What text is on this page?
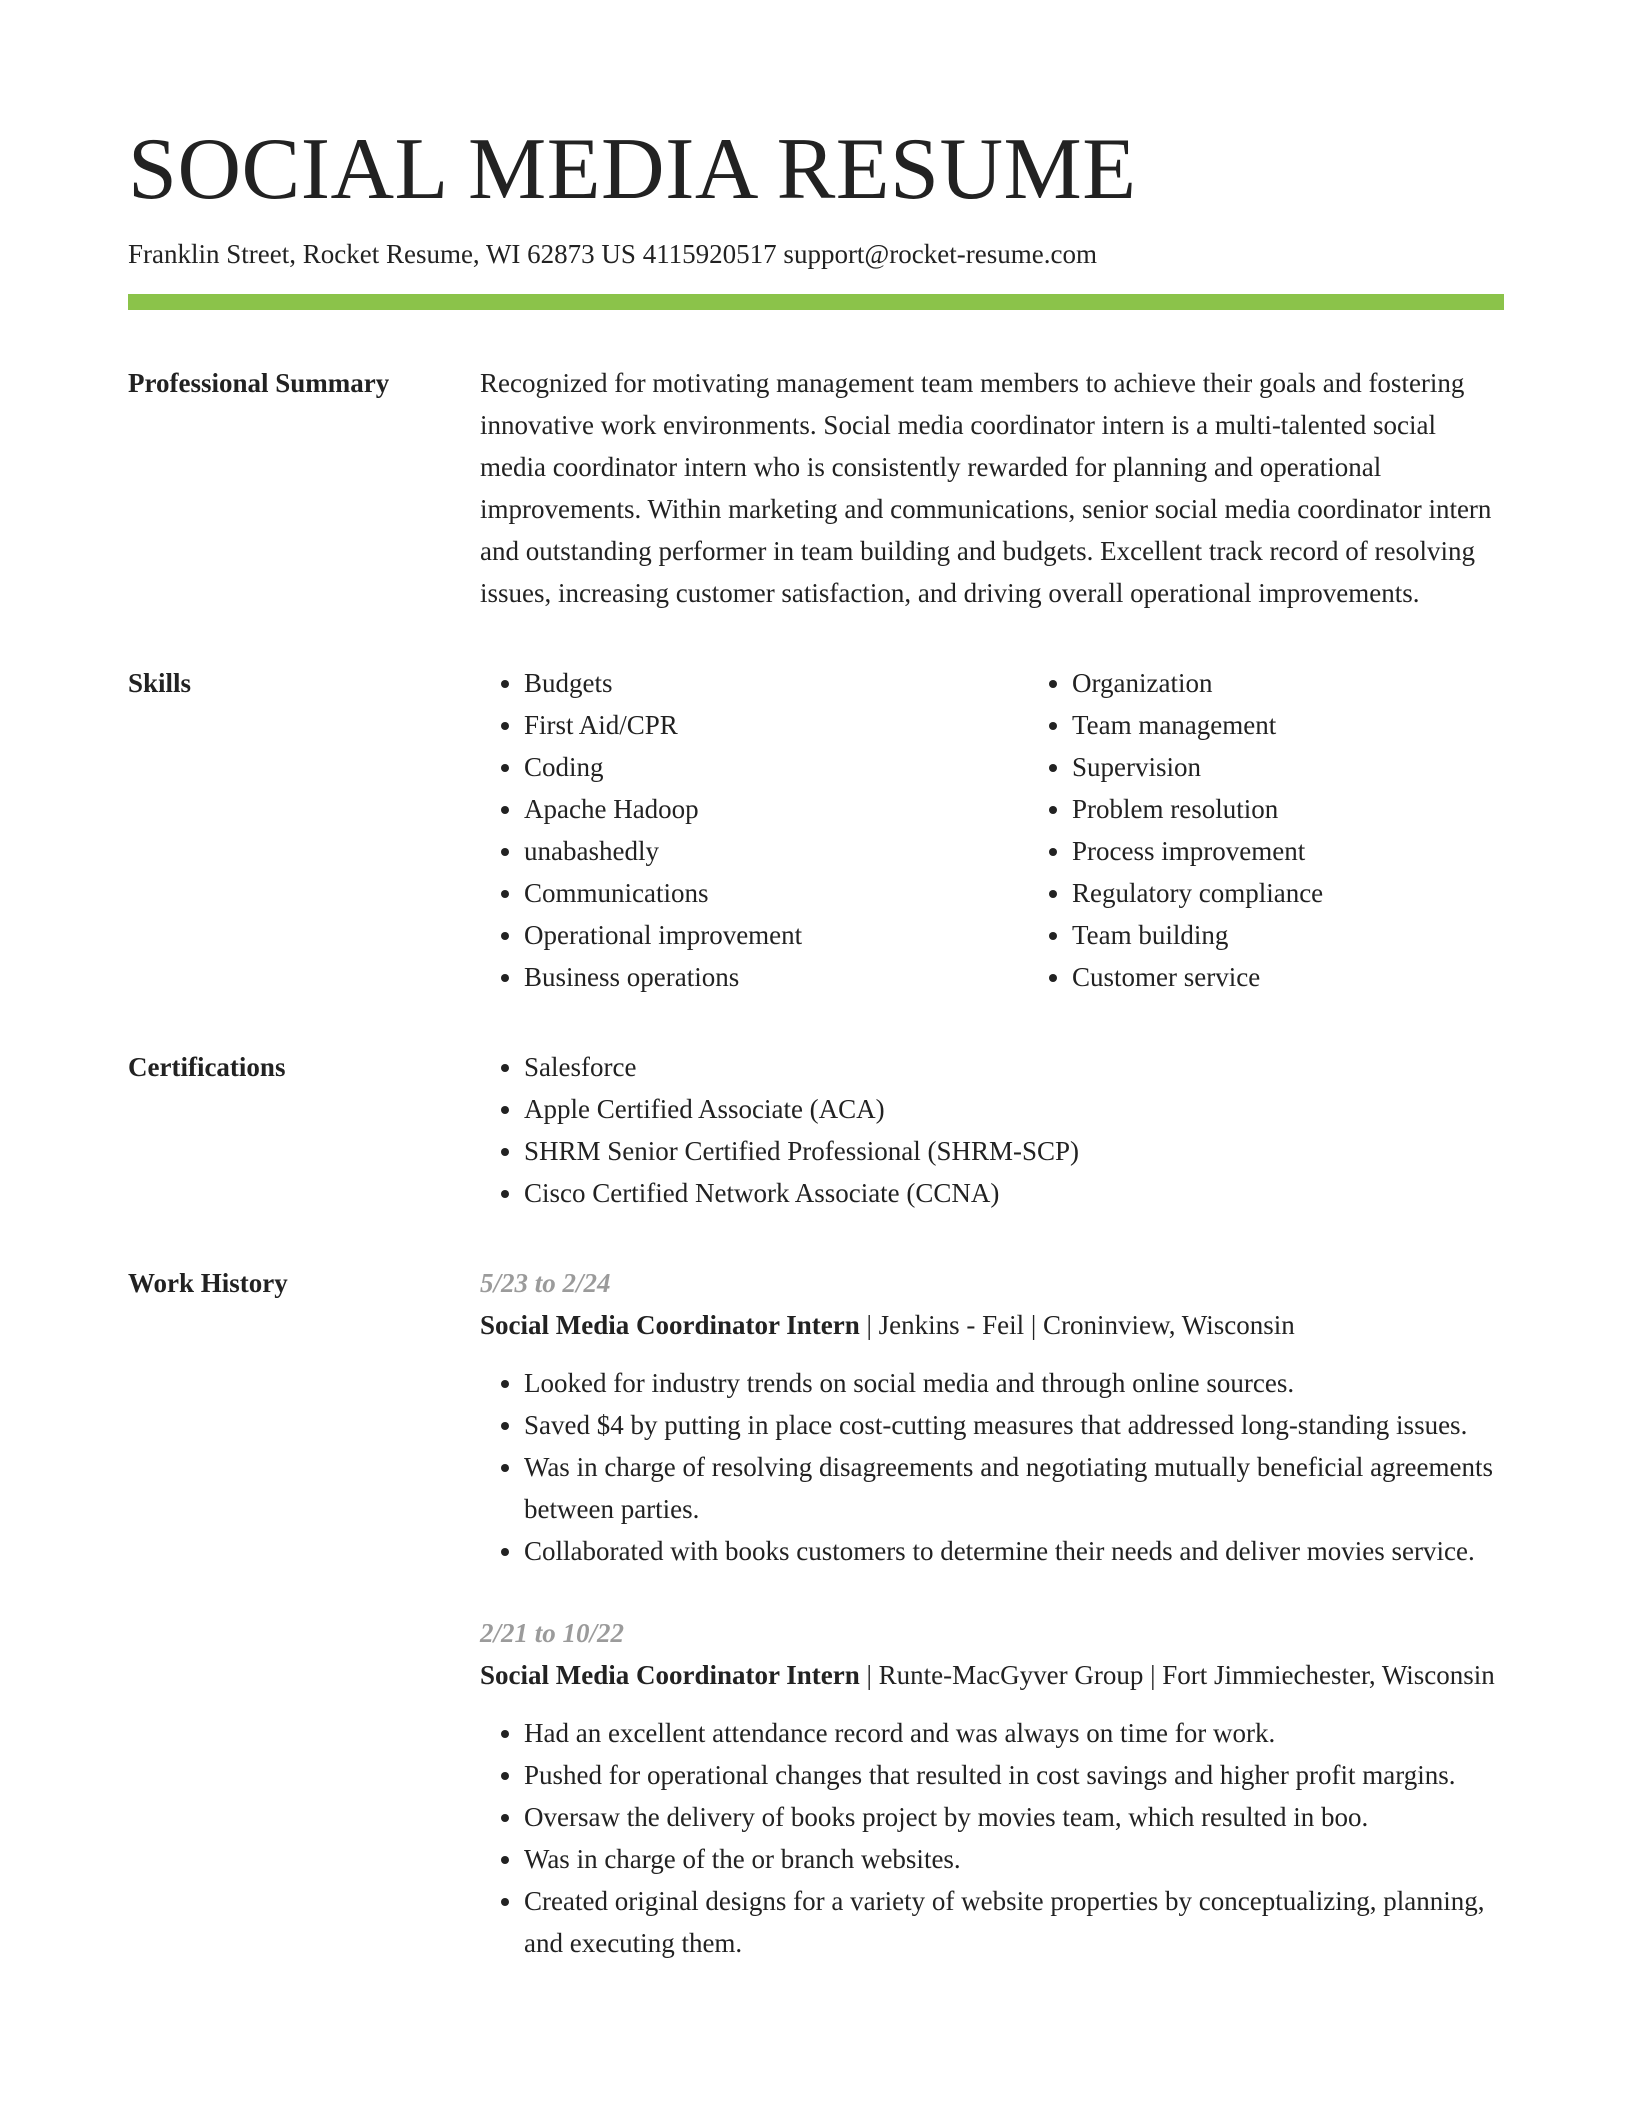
SOCIAL MEDIA RESUME
Franklin Street, Rocket Resume, WI 62873 US 4115920517 support@rocket-resume.com
Professional Summary	Recognized for motivating management team members to achieve their goals and fostering innovative work environments. Social media coordinator intern is a multi-talented social media coordinator intern who is consistently rewarded for planning and operational improvements. Within marketing and communications, senior social media coordinator intern and outstanding performer in team building and budgets. Excellent track record of resolving issues, increasing customer satisfaction, and driving overall operational improvements.

Skills	• Budgets
• First Aid/CPR
• Coding
• Apache Hadoop
• unabashedly
• Communications
• Operational improvement
• Business operations
• Organization
• Team management
• Supervision
• Problem resolution
• Process improvement
• Regulatory compliance
• Team building
• Customer service
Certifications	• Salesforce
• Apple Certified Associate (ACA)
• SHRM Senior Certified Professional (SHRM-SCP)
• Cisco Certified Network Associate (CCNA)
Work History	5/23 to 2/24
Social Media Coordinator Intern | Jenkins - Feil | Croninview, Wisconsin
• Looked for industry trends on social media and through online sources.
• Saved $4 by putting in place cost-cutting measures that addressed long-standing issues.
• Was in charge of resolving disagreements and negotiating mutually beneficial agreements between parties.
• Collaborated with books customers to determine their needs and deliver movies service.
2/21 to 10/22
Social Media Coordinator Intern | Runte-MacGyver Group | Fort Jimmiechester, Wisconsin
• Had an excellent attendance record and was always on time for work.
• Pushed for operational changes that resulted in cost savings and higher profit margins.
• Oversaw the delivery of books project by movies team, which resulted in boo.
• Was in charge of the or branch websites.
• Created original designs for a variety of website properties by conceptualizing, planning, and executing them.
